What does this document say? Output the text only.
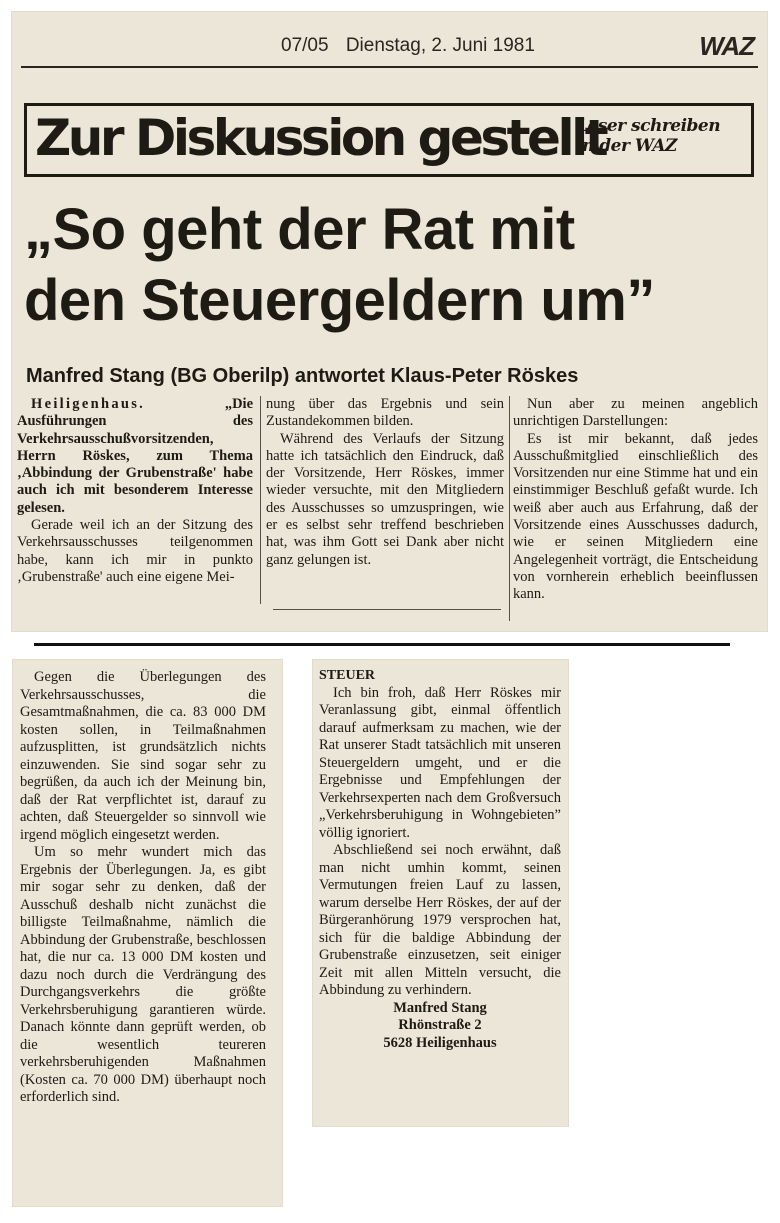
07/05 Dienstag, 2. Juni 1981	WAZ
Zur Diskussion gestellt
Leser schreiben
in der WAZ
„So geht der Rat mit
den Steuergeldern um”
Manfred Stang (BG Oberilp) antwortet Klaus-Peter Röskes

Heiligenhaus.	„Die Ausführungen des Verkehrsausschußvorsitzenden, Herrn Röskes, zum Thema ‚Abbindung der Grubenstraße' habe auch ich mit besonderem Interesse gelesen.

Gerade weil ich an der Sitzung des Verkehrsausschusses teilgenommen habe, kann ich mir in punkto ‚Grubenstraße' auch eine eigene Mei-

nung über das Ergebnis und sein Zustandekommen bilden.

Während des Verlaufs der Sitzung hatte ich tatsächlich den Eindruck, daß der Vorsitzende, Herr Röskes, immer wieder versuchte, mit den Mitgliedern des Ausschusses so umzuspringen, wie er es selbst sehr treffend beschrieben hat, was ihm Gott sei Dank aber nicht ganz gelungen ist.

Nun aber zu meinen angeblich unrichtigen Darstellungen:

Es ist mir bekannt, daß jedes Ausschußmitglied einschließlich des Vorsitzenden nur eine Stimme hat und ein einstimmiger Beschluß gefaßt wurde. Ich weiß aber auch aus Erfahrung, daß der Vorsitzende eines Ausschusses dadurch, wie er seinen Mitgliedern eine Angelegenheit vorträgt, die Entscheidung von vornherein erheblich beeinflussen kann.

Gegen die Überlegungen des Verkehrsausschusses, die Gesamtmaßnahmen, die ca. 83 000 DM kosten sollen, in Teilmaßnahmen aufzusplitten, ist grundsätzlich nichts einzuwenden. Sie sind sogar sehr zu begrüßen, da auch ich der Meinung bin, daß der Rat verpflichtet ist, darauf zu achten, daß Steuergelder so sinnvoll wie irgend möglich eingesetzt werden.

Um so mehr wundert mich das Ergebnis der Überlegungen. Ja, es gibt mir sogar sehr zu denken, daß der Ausschuß deshalb nicht zunächst die billigste Teilmaßnahme, nämlich die Abbindung der Grubenstraße, beschlossen hat, die nur ca. 13 000 DM kosten und dazu noch durch die Verdrängung des Durchgangsverkehrs die größte Verkehrsberuhigung garantieren würde. Danach könnte dann geprüft werden, ob die wesentlich teureren verkehrsberuhigenden Maßnahmen (Kosten ca. 70 000 DM) überhaupt noch erforderlich sind.

STEUER

Ich bin froh, daß Herr Röskes mir Veranlassung gibt, einmal öffentlich darauf aufmerksam zu machen, wie der Rat unserer Stadt tatsächlich mit unseren Steuergeldern umgeht, und er die Ergebnisse und Empfehlungen der Verkehrsexperten nach dem Großversuch „Verkehrsberuhigung in Wohngebieten” völlig ignoriert.

Abschließend sei noch erwähnt, daß man nicht umhin kommt, seinen Vermutungen freien Lauf zu lassen, warum derselbe Herr Röskes, der auf der Bürgeranhörung 1979 versprochen hat, sich für die baldige Abbindung der Grubenstraße einzusetzen, seit einiger Zeit mit allen Mitteln versucht, die Abbindung zu verhindern.

Manfred Stang

Rhönstraße 2

5628 Heiligenhaus
